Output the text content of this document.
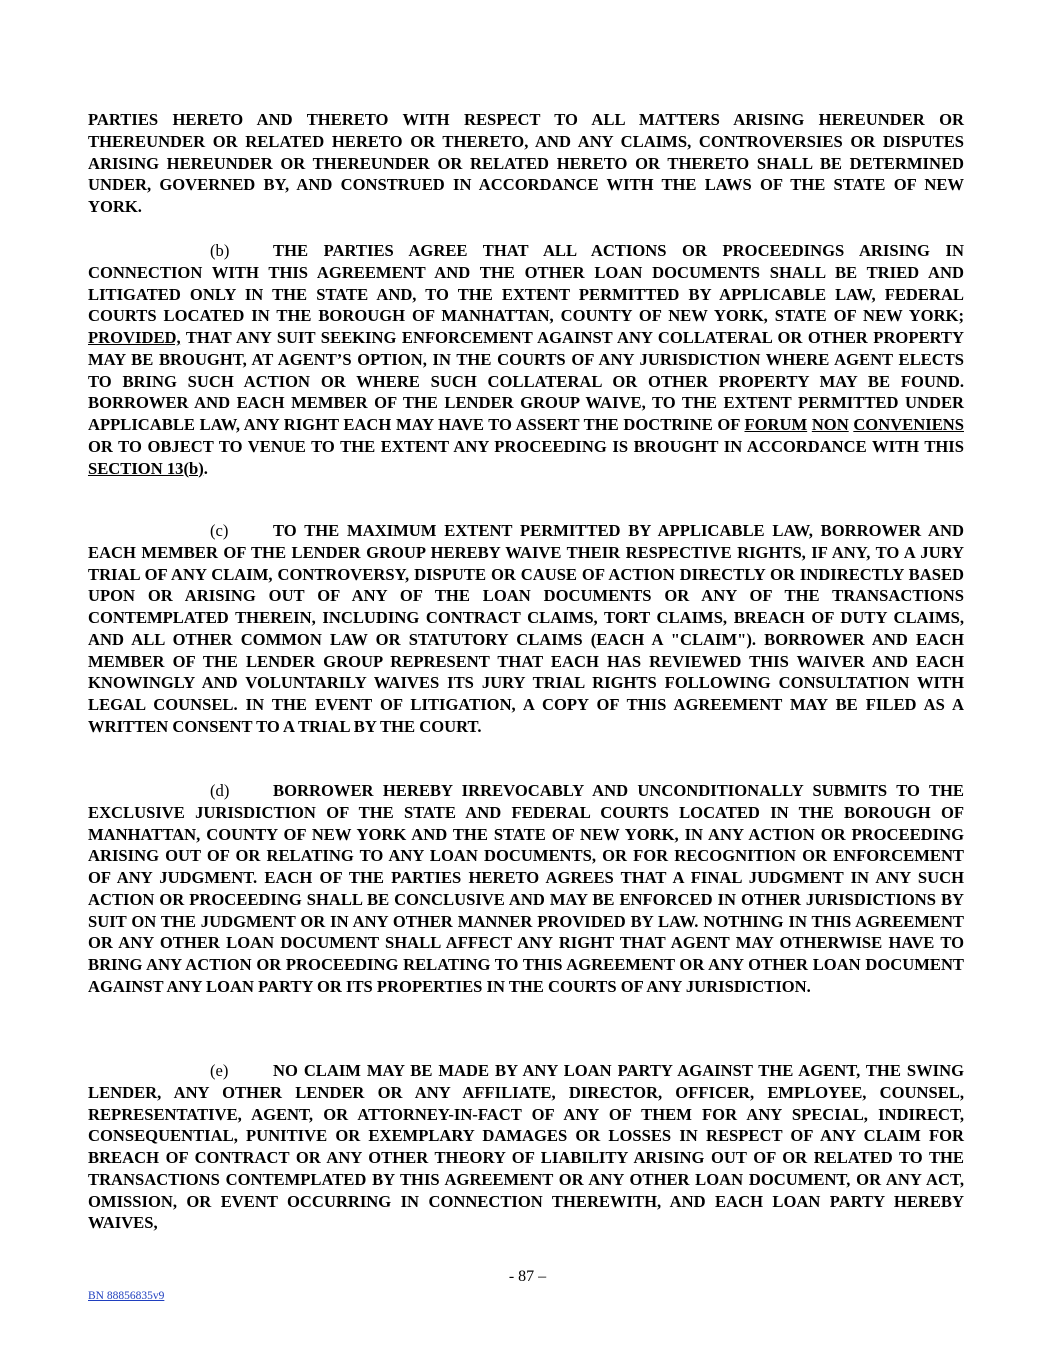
PARTIES HERETO AND THERETO WITH RESPECT TO ALL MATTERS ARISING HEREUNDER OR THEREUNDER OR RELATED HERETO OR THERETO, AND ANY CLAIMS, CONTROVERSIES OR DISPUTES ARISING HEREUNDER OR THEREUNDER OR RELATED HERETO OR THERETO SHALL BE DETERMINED UNDER, GOVERNED BY, AND CONSTRUED IN ACCORDANCE WITH THE LAWS OF THE STATE OF NEW YORK.

(b)	THE PARTIES AGREE THAT ALL ACTIONS OR PROCEEDINGS ARISING IN CONNECTION WITH THIS AGREEMENT AND THE OTHER LOAN DOCUMENTS SHALL BE TRIED AND LITIGATED ONLY IN THE STATE AND, TO THE EXTENT PERMITTED BY APPLICABLE LAW, FEDERAL COURTS LOCATED IN THE BOROUGH OF MANHATTAN, COUNTY OF NEW YORK, STATE OF NEW YORK; PROVIDED, THAT ANY SUIT SEEKING ENFORCEMENT AGAINST ANY COLLATERAL OR OTHER PROPERTY MAY BE BROUGHT, AT AGENT’S OPTION, IN THE COURTS OF ANY JURISDICTION WHERE AGENT ELECTS TO BRING SUCH ACTION OR WHERE SUCH COLLATERAL OR OTHER PROPERTY MAY BE FOUND. BORROWER AND EACH MEMBER OF THE LENDER GROUP WAIVE, TO THE EXTENT PERMITTED UNDER APPLICABLE LAW, ANY RIGHT EACH MAY HAVE TO ASSERT THE DOCTRINE OF FORUM NON CONVENIENS OR TO OBJECT TO VENUE TO THE EXTENT ANY PROCEEDING IS BROUGHT IN ACCORDANCE WITH THIS SECTION 13(b).

(c)	TO THE MAXIMUM EXTENT PERMITTED BY APPLICABLE LAW, BORROWER AND EACH MEMBER OF THE LENDER GROUP HEREBY WAIVE THEIR RESPECTIVE RIGHTS, IF ANY, TO A JURY TRIAL OF ANY CLAIM, CONTROVERSY, DISPUTE OR CAUSE OF ACTION DIRECTLY OR INDIRECTLY BASED UPON OR ARISING OUT OF ANY OF THE LOAN DOCUMENTS OR ANY OF THE TRANSACTIONS CONTEMPLATED THEREIN, INCLUDING CONTRACT CLAIMS, TORT CLAIMS, BREACH OF DUTY CLAIMS, AND ALL OTHER COMMON LAW OR STATUTORY CLAIMS (EACH A "CLAIM"). BORROWER AND EACH MEMBER OF THE LENDER GROUP REPRESENT THAT EACH HAS REVIEWED THIS WAIVER AND EACH KNOWINGLY AND VOLUNTARILY WAIVES ITS JURY TRIAL RIGHTS FOLLOWING CONSULTATION WITH LEGAL COUNSEL. IN THE EVENT OF LITIGATION, A COPY OF THIS AGREEMENT MAY BE FILED AS A WRITTEN CONSENT TO A TRIAL BY THE COURT.

(d)	BORROWER HEREBY IRREVOCABLY AND UNCONDITIONALLY SUBMITS TO THE EXCLUSIVE JURISDICTION OF THE STATE AND FEDERAL COURTS LOCATED IN THE BOROUGH OF MANHATTAN, COUNTY OF NEW YORK AND THE STATE OF NEW YORK, IN ANY ACTION OR PROCEEDING ARISING OUT OF OR RELATING TO ANY LOAN DOCUMENTS, OR FOR RECOGNITION OR ENFORCEMENT OF ANY JUDGMENT. EACH OF THE PARTIES HERETO AGREES THAT A FINAL JUDGMENT IN ANY SUCH ACTION OR PROCEEDING SHALL BE CONCLUSIVE AND MAY BE ENFORCED IN OTHER JURISDICTIONS BY SUIT ON THE JUDGMENT OR IN ANY OTHER MANNER PROVIDED BY LAW. NOTHING IN THIS AGREEMENT OR ANY OTHER LOAN DOCUMENT SHALL AFFECT ANY RIGHT THAT AGENT MAY OTHERWISE HAVE TO BRING ANY ACTION OR PROCEEDING RELATING TO THIS AGREEMENT OR ANY OTHER LOAN DOCUMENT AGAINST ANY LOAN PARTY OR ITS PROPERTIES IN THE COURTS OF ANY JURISDICTION.

(e)	NO CLAIM MAY BE MADE BY ANY LOAN PARTY AGAINST THE AGENT, THE SWING LENDER, ANY OTHER LENDER OR ANY AFFILIATE, DIRECTOR, OFFICER, EMPLOYEE, COUNSEL, REPRESENTATIVE, AGENT, OR ATTORNEY-IN-FACT OF ANY OF THEM FOR ANY SPECIAL, INDIRECT, CONSEQUENTIAL, PUNITIVE OR EXEMPLARY DAMAGES OR LOSSES IN RESPECT OF ANY CLAIM FOR BREACH OF CONTRACT OR ANY OTHER THEORY OF LIABILITY ARISING OUT OF OR RELATED TO THE TRANSACTIONS CONTEMPLATED BY THIS AGREEMENT OR ANY OTHER LOAN DOCUMENT, OR ANY ACT, OMISSION, OR EVENT OCCURRING IN CONNECTION THEREWITH, AND EACH LOAN PARTY HEREBY WAIVES,

- 87 –
BN 88856835v9
